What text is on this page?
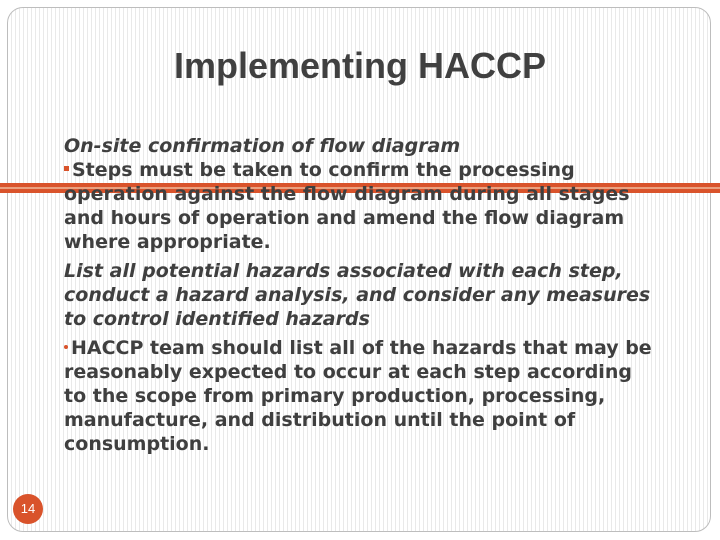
Implementing HACCP

On-site confirmation of flow diagram

Steps must be taken to confirm the processing operation against the flow diagram during all stages and hours of operation and amend the flow diagram where appropriate.

List all potential hazards associated with each step, conduct a hazard analysis, and consider any measures to control identified hazards

HACCP team should list all of the hazards that may be reasonably expected to occur at each step according to the scope from primary production, processing, manufacture, and distribution until the point of consumption.

14
